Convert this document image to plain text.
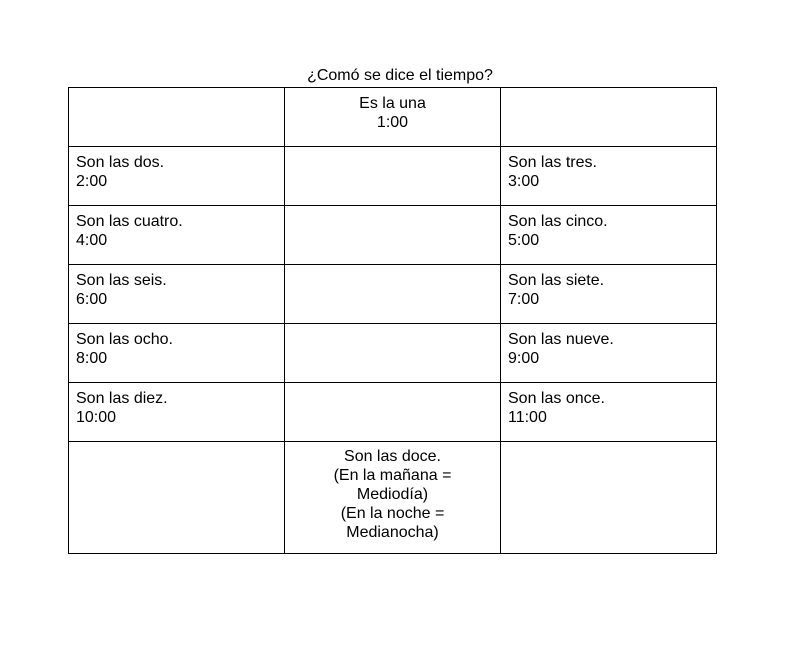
¿Comó se dice el tiempo?

	Es la una
1:00	

Son las dos.
2:00		Son las tres.
3:00

Son las cuatro.
4:00		Son las cinco.
5:00

Son las seis.
6:00		Son las siete.
7:00

Son las ocho.
8:00		Son las nueve.
9:00

Son las diez.
10:00		Son las once.
11:00

	Son las doce.
(En la mañana =
Mediodía)
(En la noche =
Medianocha)	
